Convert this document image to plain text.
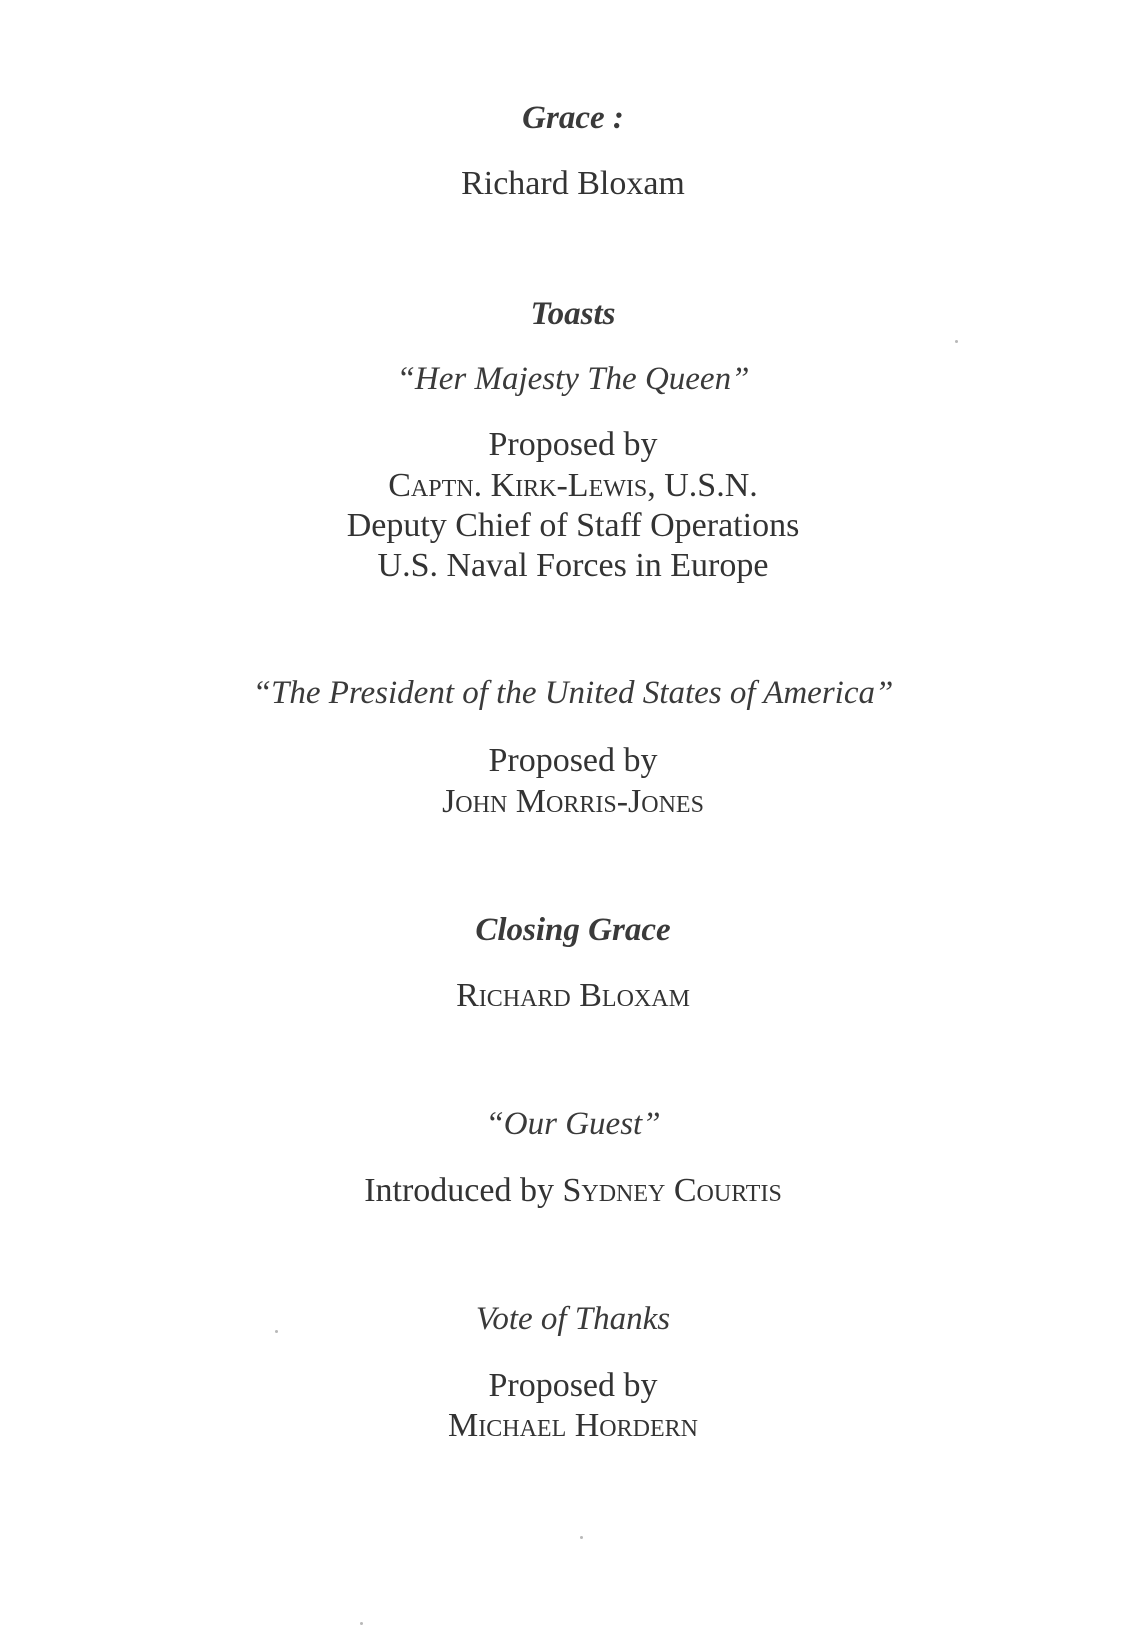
Grace :
Richard Bloxam
Toasts
“Her Majesty The Queen”
Proposed by
Captn. Kirk-Lewis, U.S.N.
Deputy Chief of Staff Operations
U.S. Naval Forces in Europe
“The President of the United States of America”
Proposed by
John Morris-Jones
Closing Grace
Richard Bloxam
“Our Guest”
Introduced by Sydney Courtis
Vote of Thanks
Proposed by
Michael Hordern
